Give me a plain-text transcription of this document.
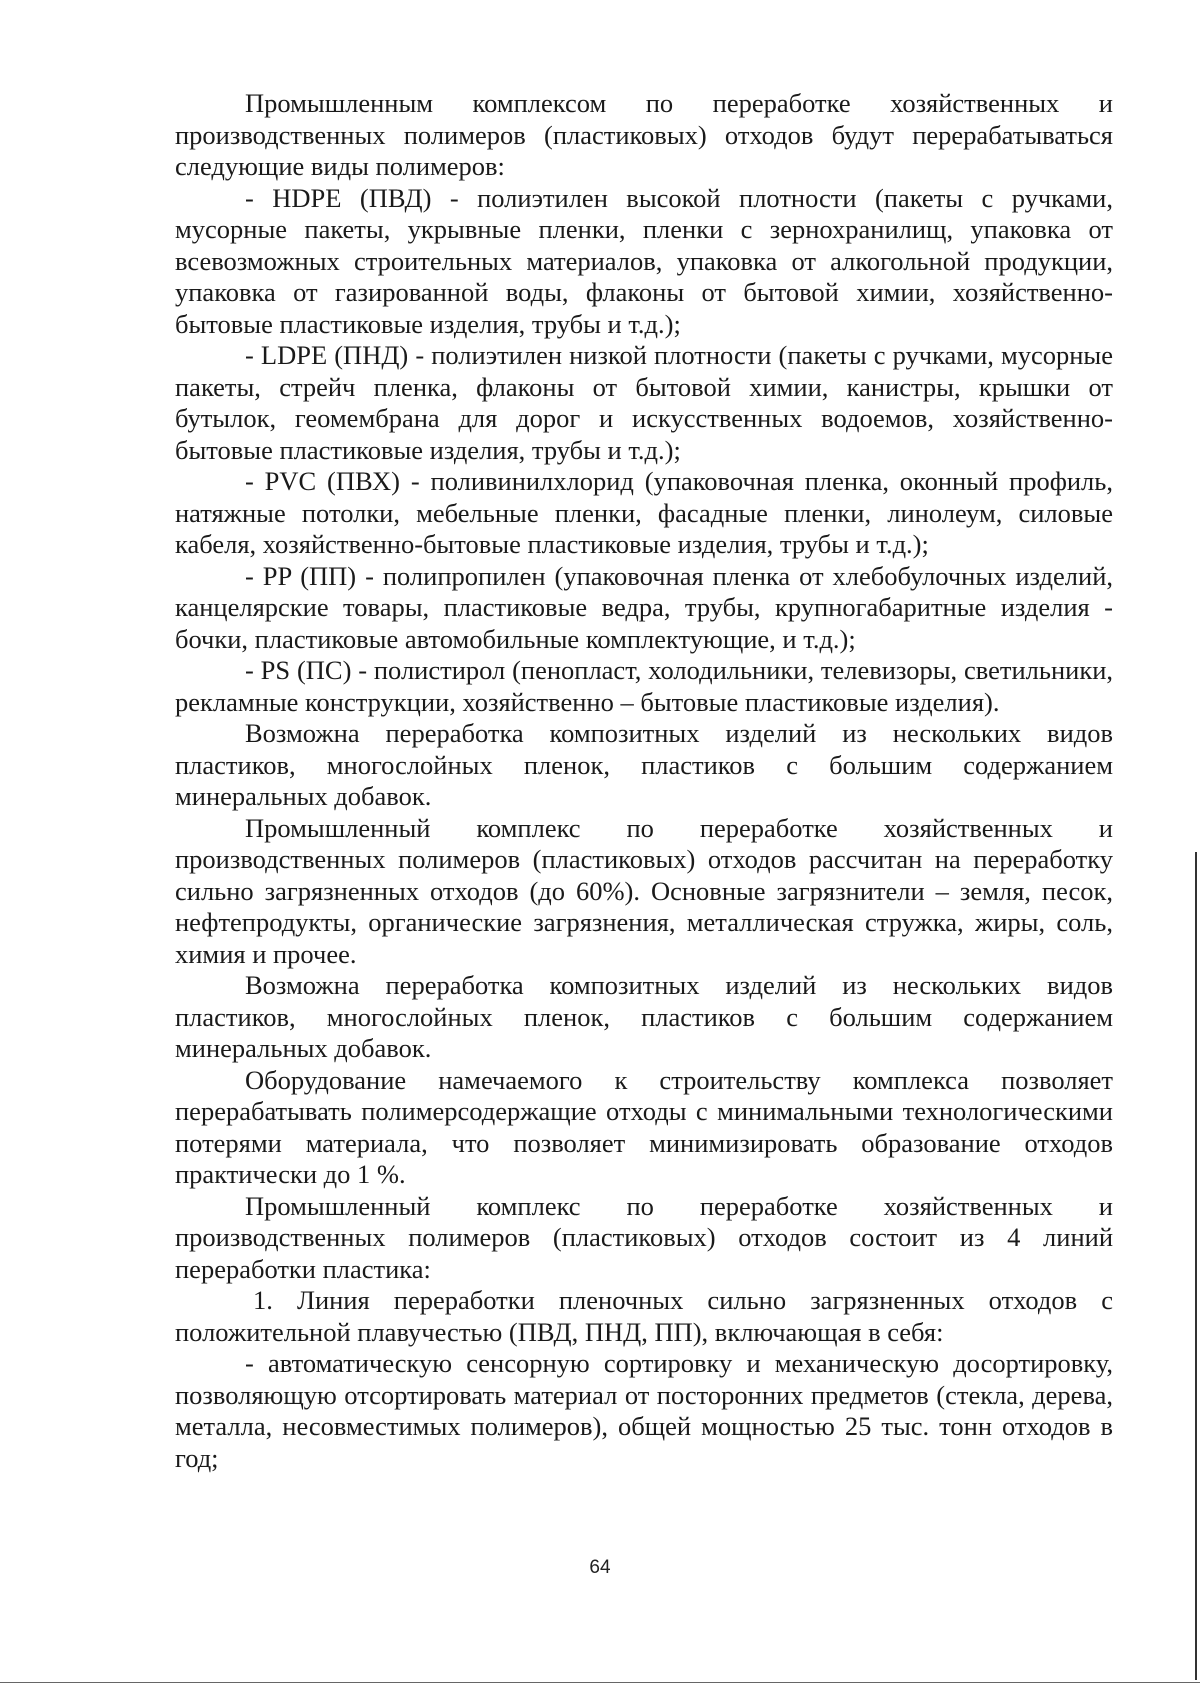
Промышленным комплексом по переработке хозяйственных и производственных полимеров (пластиковых) отходов будут перерабатываться следующие виды полимеров:

- HDPE (ПВД) - полиэтилен высокой плотности (пакеты с ручками, мусорные пакеты, укрывные пленки, пленки с зернохранилищ, упаковка от всевозможных строительных материалов, упаковка от алкогольной продукции, упаковка от газированной воды, флаконы от бытовой химии, хозяйственно-бытовые пластиковые изделия, трубы и т.д.);

- LDPE (ПНД) - полиэтилен низкой плотности (пакеты с ручками, мусорные пакеты, стрейч пленка, флаконы от бытовой химии, канистры, крышки от бутылок, геомембрана для дорог и искусственных водоемов, хозяйственно-бытовые пластиковые изделия, трубы и т.д.);

- PVC (ПВХ) - поливинилхлорид (упаковочная пленка, оконный профиль, натяжные потолки, мебельные пленки, фасадные пленки, линолеум, силовые кабеля, хозяйственно-бытовые пластиковые изделия, трубы и т.д.);

- PP (ПП) - полипропилен (упаковочная пленка от хлебобулочных изделий, канцелярские товары, пластиковые ведра, трубы, крупногабаритные изделия - бочки, пластиковые автомобильные комплектующие, и т.д.);

- PS (ПС) - полистирол (пенопласт, холодильники, телевизоры, светильники, рекламные конструкции, хозяйственно – бытовые пластиковые изделия).

Возможна переработка композитных изделий из нескольких видов пластиков, многослойных пленок, пластиков с большим содержанием минеральных добавок.

Промышленный комплекс по переработке хозяйственных и производственных полимеров (пластиковых) отходов рассчитан на переработку сильно загрязненных отходов (до 60%). Основные загрязнители – земля, песок, нефтепродукты, органические загрязнения, металлическая стружка, жиры, соль, химия и прочее.

Возможна переработка композитных изделий из нескольких видов пластиков, многослойных пленок, пластиков с большим содержанием минеральных добавок.

Оборудование намечаемого к строительству комплекса позволяет перерабатывать полимерсодержащие отходы с минимальными технологическими потерями материала, что позволяет минимизировать образование отходов практически до 1 %.

Промышленный комплекс по переработке хозяйственных и производственных полимеров (пластиковых) отходов состоит из 4 линий переработки пластика:

1. Линия переработки пленочных сильно загрязненных отходов с положительной плавучестью (ПВД, ПНД, ПП), включающая в себя:

- автоматическую сенсорную сортировку и механическую досортировку, позволяющую отсортировать материал от посторонних предметов (стекла, дерева, металла, несовместимых полимеров), общей мощностью 25 тыс. тонн отходов в год;

64
